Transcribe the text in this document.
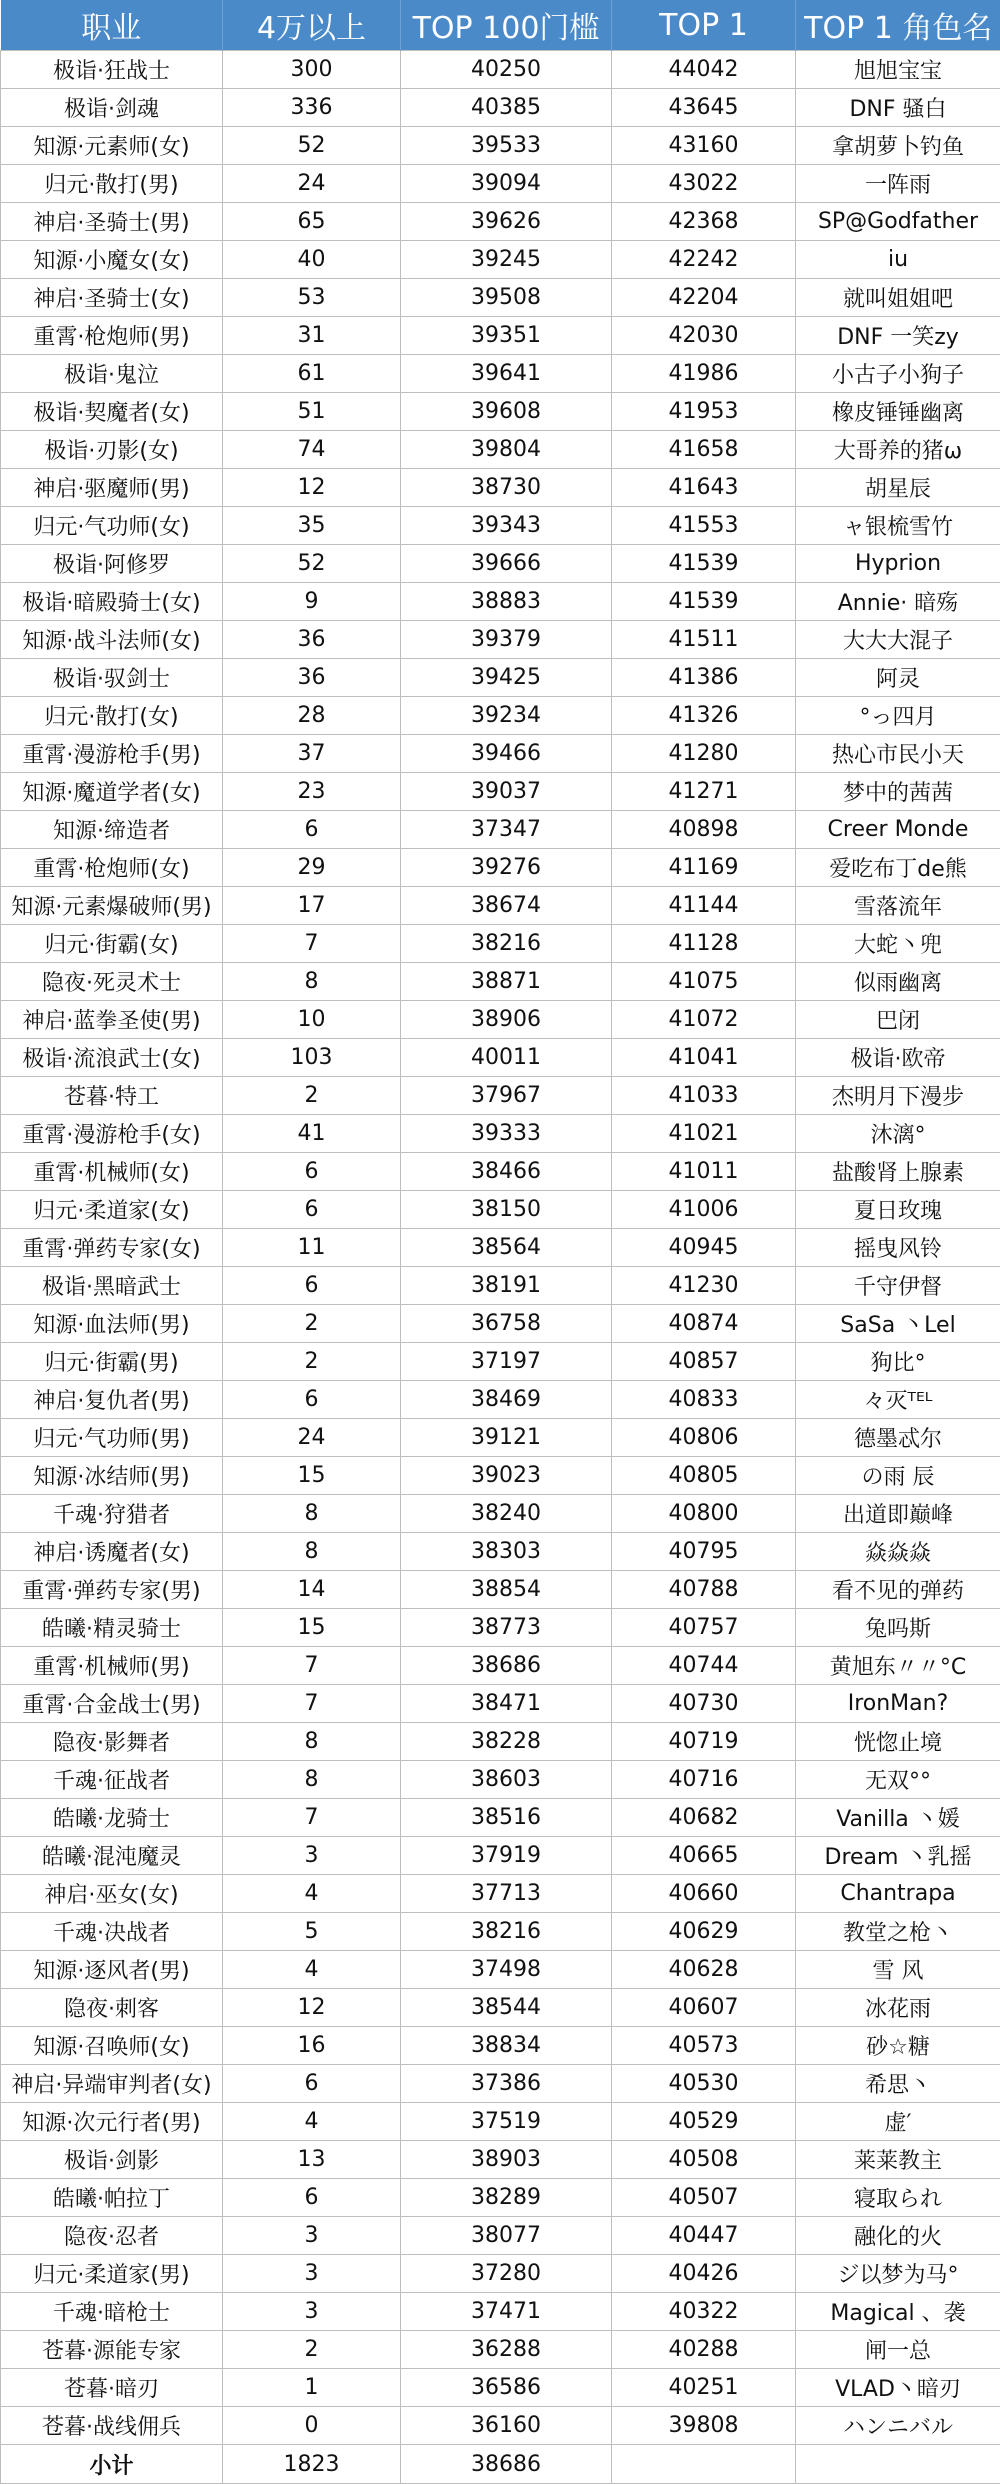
职业	4万以上	TOP 100门槛	TOP 1	TOP 1 角色名
极诣·狂战士	300	40250	44042	旭旭宝宝
极诣·剑魂	336	40385	43645	DNF 骚白
知源·元素师(女)	52	39533	43160	拿胡萝卜钓鱼
归元·散打(男)	24	39094	43022	一阵雨
神启·圣骑士(男)	65	39626	42368	SP@Godfather
知源·小魔女(女)	40	39245	42242	iu
神启·圣骑士(女)	53	39508	42204	就叫姐姐吧
重霄·枪炮师(男)	31	39351	42030	DNF 一笑zy
极诣·鬼泣	61	39641	41986	小古子小狗子
极诣·契魔者(女)	51	39608	41953	橡皮锤锤幽离
极诣·刃影(女)	74	39804	41658	大哥养的猪ω
神启·驱魔师(男)	12	38730	41643	胡星辰
归元·气功师(女)	35	39343	41553	ャ银梳雪竹
极诣·阿修罗	52	39666	41539	Hyprion
极诣·暗殿骑士(女)	9	38883	41539	Annie· 暗殇
知源·战斗法师(女)	36	39379	41511	大大大混子
极诣·驭剑士	36	39425	41386	阿灵
归元·散打(女)	28	39234	41326	°っ四月
重霄·漫游枪手(男)	37	39466	41280	热心市民小天
知源·魔道学者(女)	23	39037	41271	梦中的茜茜
知源·缔造者	6	37347	40898	Creer Monde
重霄·枪炮师(女)	29	39276	41169	爱吃布丁de熊
知源·元素爆破师(男)	17	38674	41144	雪落流年
归元·街霸(女)	7	38216	41128	大蛇丶兜
隐夜·死灵术士	8	38871	41075	似雨幽离
神启·蓝拳圣使(男)	10	38906	41072	巴闭
极诣·流浪武士(女)	103	40011	41041	极诣·欧帝
苍暮·特工	2	37967	41033	杰明月下漫步
重霄·漫游枪手(女)	41	39333	41021	沐漓°
重霄·机械师(女)	6	38466	41011	盐酸肾上腺素
归元·柔道家(女)	6	38150	41006	夏日玫瑰
重霄·弹药专家(女)	11	38564	40945	摇曳风铃
极诣·黑暗武士	6	38191	41230	千守伊督
知源·血法师(男)	2	36758	40874	SaSa 丶Lel
归元·街霸(男)	2	37197	40857	狗比°
神启·复仇者(男)	6	38469	40833	々灭ᵀᴱᴸ
归元·气功师(男)	24	39121	40806	德墨忒尔
知源·冰结师(男)	15	39023	40805	の雨 辰
千魂·狩猎者	8	38240	40800	出道即巅峰
神启·诱魔者(女)	8	38303	40795	焱焱焱
重霄·弹药专家(男)	14	38854	40788	看不见的弹药
皓曦·精灵骑士	15	38773	40757	兔吗斯
重霄·机械师(男)	7	38686	40744	黄旭东〃〃°C
重霄·合金战士(男)	7	38471	40730	IronMan?
隐夜·影舞者	8	38228	40719	恍惚止境
千魂·征战者	8	38603	40716	无双°°
皓曦·龙骑士	7	38516	40682	Vanilla 丶媛
皓曦·混沌魔灵	3	37919	40665	Dream 丶乳摇
神启·巫女(女)	4	37713	40660	Chantrapa
千魂·决战者	5	38216	40629	教堂之枪丶
知源·逐风者(男)	4	37498	40628	雪 风
隐夜·刺客	12	38544	40607	冰花雨
知源·召唤师(女)	16	38834	40573	砂☆糖
神启·异端审判者(女)	6	37386	40530	希思丶
知源·次元行者(男)	4	37519	40529	虚′
极诣·剑影	13	38903	40508	莱莱教主
皓曦·帕拉丁	6	38289	40507	寝取られ
隐夜·忍者	3	38077	40447	融化的火
归元·柔道家(男)	3	37280	40426	ジ以梦为马°
千魂·暗枪士	3	37471	40322	Magical 、袭
苍暮·源能专家	2	36288	40288	闸一总
苍暮·暗刃	1	36586	40251	VLAD丶暗刃
苍暮·战线佣兵	0	36160	39808	ハンニバル
小计	1823	38686		
